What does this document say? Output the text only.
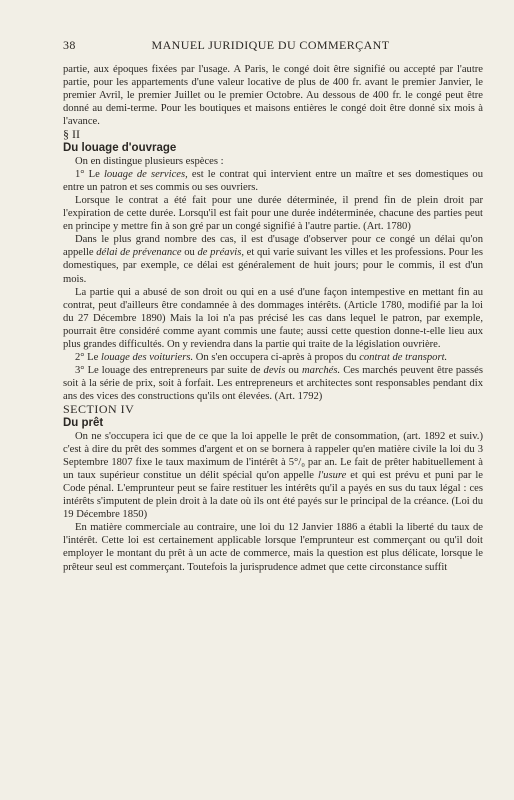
38	MANUEL JURIDIQUE DU COMMERÇANT

partie, aux époques fixées par l'usage. A Paris, le congé doit être signifié ou accepté par l'autre partie, pour les appartements d'une valeur locative de plus de 400 fr. avant le premier Janvier, le premier Avril, le premier Juillet ou le premier Octobre. Au dessous de 400 fr. le congé peut être donné au demi-terme. Pour les boutiques et maisons entières le congé doit être donné six mois à l'avance.

§ II

Du louage d'ouvrage

On en distingue plusieurs espèces :

1° Le louage de services, est le contrat qui intervient entre un maître et ses domestiques ou entre un patron et ses commis ou ses ouvriers.

Lorsque le contrat a été fait pour une durée déterminée, il prend fin de plein droit par l'expiration de cette durée. Lorsqu'il est fait pour une durée indéterminée, chacune des parties peut en principe y mettre fin à son gré par un congé signifié à l'autre partie. (Art. 1780)

Dans le plus grand nombre des cas, il est d'usage d'observer pour ce congé un délai qu'on appelle délai de prévenance ou de préavis, et qui varie suivant les villes et les professions. Pour les domestiques, par exemple, ce délai est généralement de huit jours; pour le commis, il est d'un mois.

La partie qui a abusé de son droit ou qui en a usé d'une façon intempestive en mettant fin au contrat, peut d'ailleurs être condamnée à des dommages intérêts. (Article 1780, modifié par la loi du 27 Décembre 1890) Mais la loi n'a pas précisé les cas dans lequel le patron, par exemple, pourrait être considéré comme ayant commis une faute; aussi cette question donne-t-elle lieu aux plus grandes difficultés. On y reviendra dans la partie qui traite de la législation ouvrière.

2° Le louage des voituriers. On s'en occupera ci-après à propos du contrat de transport.

3° Le louage des entrepreneurs par suite de devis ou marchés. Ces marchés peuvent être passés soit à la série de prix, soit à forfait. Les entrepreneurs et architectes sont responsables pendant dix ans des vices des constructions qu'ils ont élevées. (Art. 1792)

SECTION IV

Du prêt

On ne s'occupera ici que de ce que la loi appelle le prêt de consommation, (art. 1892 et suiv.) c'est à dire du prêt des sommes d'argent et on se bornera à rappeler qu'en matière civile la loi du 3 Septembre 1807 fixe le taux maximum de l'intérêt à 5°/₀ par an. Le fait de prêter habituellement à un taux supérieur constitue un délit spécial qu'on appelle l'usure et qui est prévu et puni par le Code pénal. L'emprunteur peut se faire restituer les intérêts qu'il a payés en sus du taux légal : ces intérêts s'imputent de plein droit à la date où ils ont été payés sur le principal de la créance. (Loi du 19 Décembre 1850)

En matière commerciale au contraire, une loi du 12 Janvier 1886 a établi la liberté du taux de l'intérêt. Cette loi est certainement applicable lorsque l'emprunteur est commerçant ou qu'il doit employer le montant du prêt à un acte de commerce, mais la question est plus délicate, lorsque le prêteur seul est commerçant. Toutefois la jurisprudence admet que cette circonstance suffit
